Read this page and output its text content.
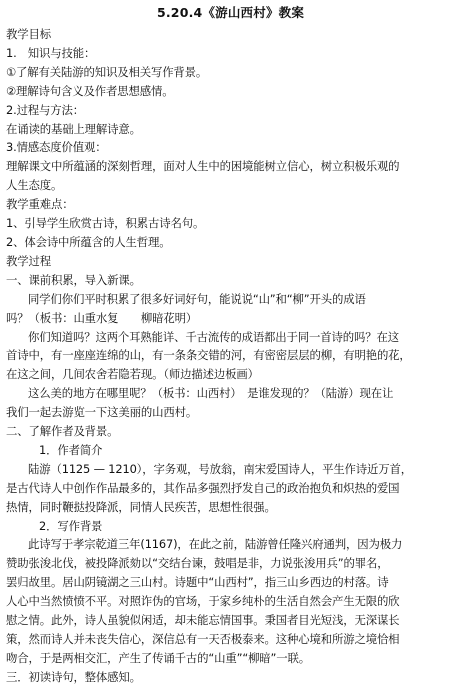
5.20.4《游山西村》教案

教学目标

1.　知识与技能：

①了解有关陆游的知识及相关写作背景。

②理解诗句含义及作者思想感情。

2.过程与方法：

在诵读的基础上理解诗意。

3.情感态度价值观：

理解课文中所蕴涵的深刻哲理，面对人生中的困境能树立信心，树立积极乐观的

人生态度。

教学重难点：

1、引导学生欣赏古诗，积累古诗名句。

2、体会诗中所蕴含的人生哲理。

教学过程

一、课前积累，导入新课。

同学们你们平时积累了很多好词好句，能说说“山”和“柳”开头的成语

吗？（板书：山重水复　　柳暗花明）

你们知道吗？这两个耳熟能详、千古流传的成语都出于同一首诗的吗？在这

首诗中，有一座座连绵的山，有一条条交错的河，有密密层层的柳，有明艳的花，

在这之间，几间农舍若隐若现。（师边描述边板画）

这么美的地方在哪里呢？（板书：山西村）　是谁发现的？（陆游）现在让

我们一起去游览一下这美丽的山西村。

二、了解作者及背景。

1．作者简介

陆游（1125 — 1210），字务观，号放翁，南宋爱国诗人，平生作诗近万首，

是古代诗人中创作作品最多的，其作品多强烈抒发自己的政治抱负和炽热的爱国

热情，同时鞭挞投降派，同情人民疾苦，思想性很强。

2．写作背景

此诗写于孝宗乾道三年(1167)，在此之前，陆游曾任隆兴府通判，因为极力

赞助张浚北伐，被投降派劾以“交结台谏，鼓唱是非，力说张浚用兵”的罪名，

罢归故里。居山阴镜湖之三山村。诗题中“山西村”，指三山乡西边的村落。诗

人心中当然愤愤不平。对照诈伪的官场，于家乡纯朴的生活自然会产生无限的欣

慰之情。此外，诗人虽貌似闲适，却未能忘情国事。秉国者目光短浅，无深谋长

策，然而诗人并未丧失信心，深信总有一天否极泰来。这种心境和所游之境恰相

吻合，于是两相交汇，产生了传诵千古的“山重”“柳暗”一联。

三．初读诗句，整体感知。
